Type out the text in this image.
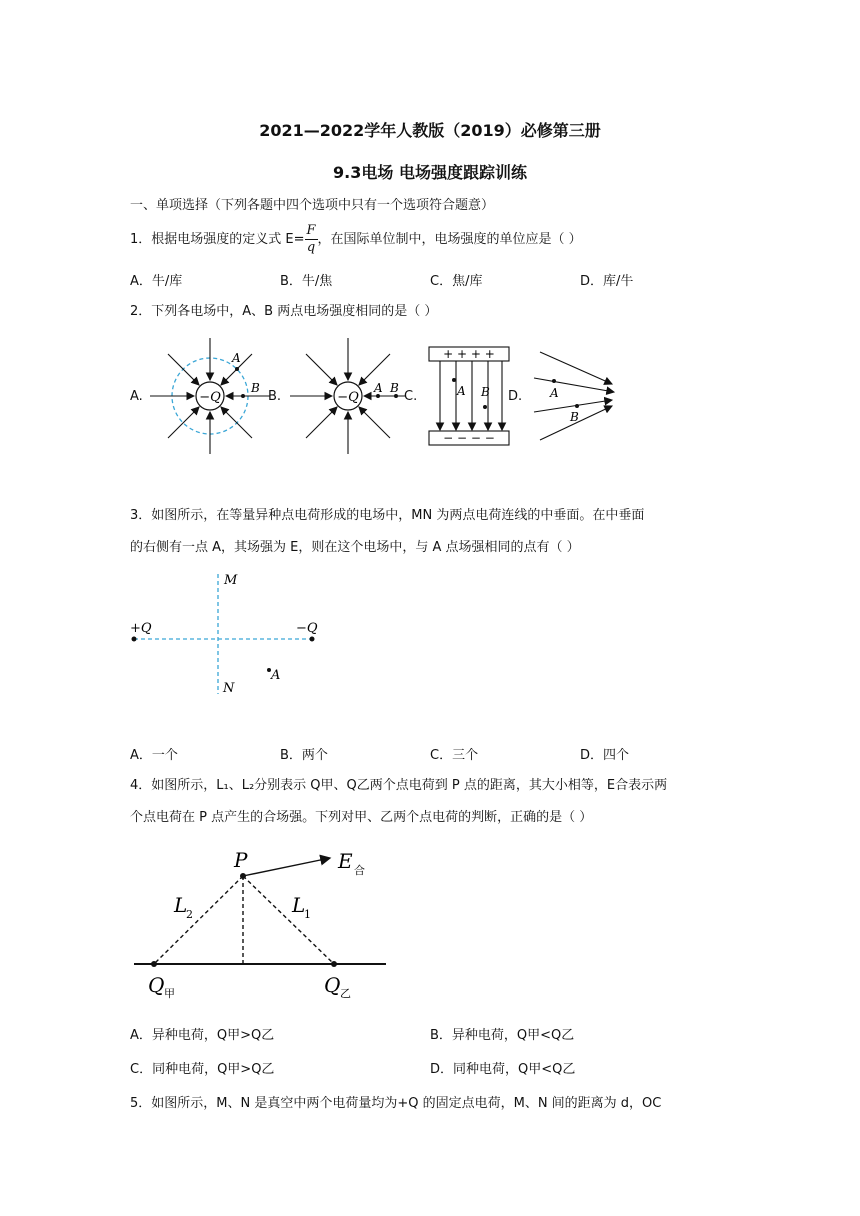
2021—2022学年人教版（2019）必修第三册
9.3电场 电场强度跟踪训练
一、单项选择（下列各题中四个选项中只有一个选项符合题意）
1．根据电场强度的定义式 $E= \frac{F}{q}$ ，在国际单位制中，电场强度的单位应是（ ）
A．牛/库	B．牛/焦	C．焦/库	D．库/牛
2．下列各电场中，A、B 两点电场强度相同的是（ ）
A.	B.	C.	D.
−Q
A
B
−Q
A B
+ + + +
− − − −
A B	A
B
3．如图所示，在等量异种点电荷形成的电场中，MN 为两点电荷连线的中垂面。在中垂面
的右侧有一点 A，其场强为 E，则在这个电场中，与 A 点场强相同的点有（ ）
M
N
+Q	−Q
A
A．一个	B．两个	C．三个	D．四个
4．如图所示，L₁、L₂分别表示 Q甲、Q乙两个点电荷到 P 点的距离，其大小相等，E合表示两
个点电荷在 P 点产生的合场强。下列对甲、乙两个点电荷的判断，正确的是（ ）
P	E 合
L
2	L
1
Q 甲	Q 乙
A．异种电荷，Q甲>Q乙	B．异种电荷，Q甲<Q乙
C．同种电荷，Q甲>Q乙	D．同种电荷，Q甲<Q乙
5．如图所示，M、N 是真空中两个电荷量均为+Q 的固定点电荷，M、N 间的距离为 d，OC
